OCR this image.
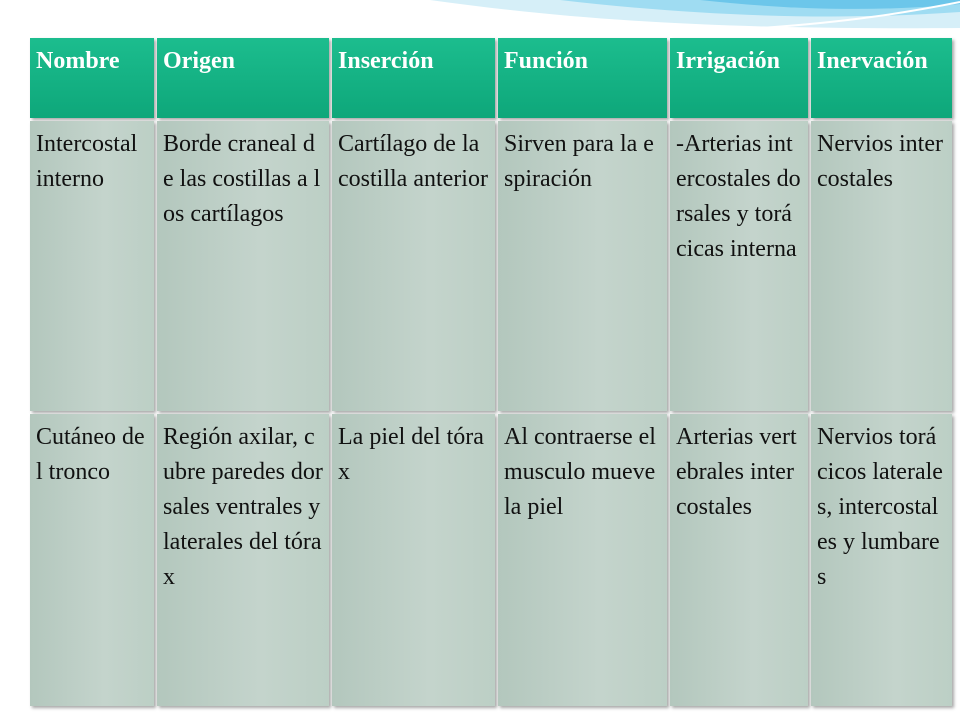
Nombre	Origen	Inserción	Función	Irrigación	Inervación
Intercostal interno	Borde craneal de las costillas a los cartílagos	Cartílago de la costilla anterior	Sirven para la espiración	-Arterias intercostales dorsales y torácicas interna	Nervios intercostales
Cutáneo del tronco	Región axilar, cubre paredes dorsales ventrales y laterales del tórax	La piel del tórax	Al contraerse el musculo mueve la piel	Arterias vertebrales intercostales	Nervios torácicos laterales, intercostales y lumbares
